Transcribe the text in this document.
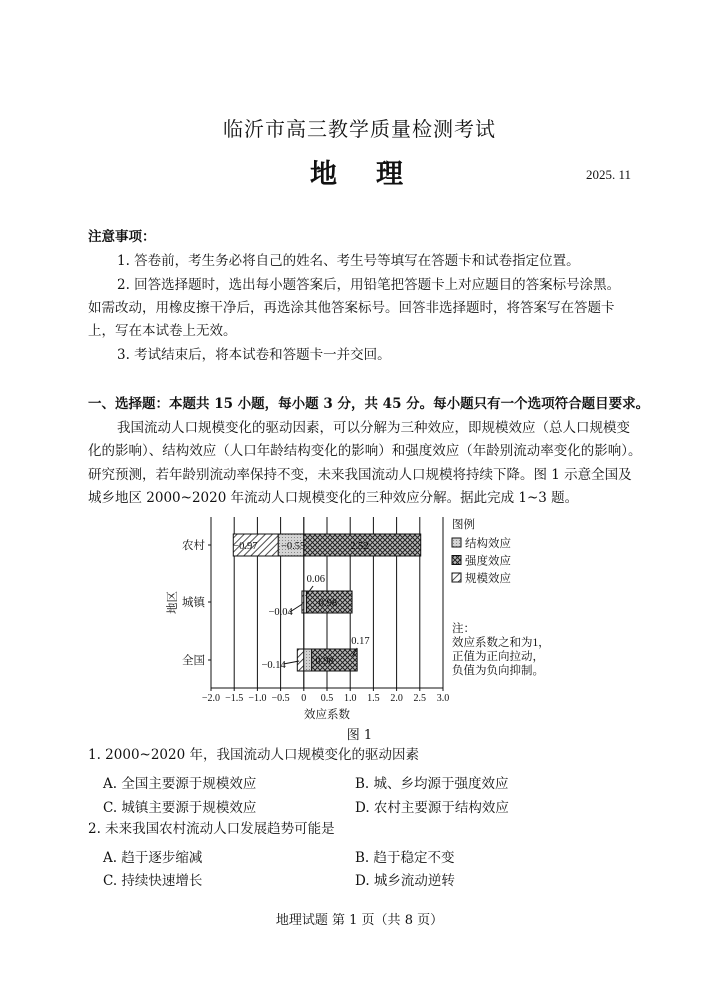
临沂市高三教学质量检测考试
地　理	2025. 11
注意事项：
1. 答卷前，考生务必将自己的姓名、考生号等填写在答题卡和试卷指定位置。
2. 回答选择题时，选出每小题答案后，用铅笔把答题卡上对应题目的答案标号涂黑。
如需改动，用橡皮擦干净后，再选涂其他答案标号。回答非选择题时，将答案写在答题卡
上，写在本试卷上无效。
3. 考试结束后，将本试卷和答题卡一并交回。
一、选择题：本题共 15 小题，每小题 3 分，共 45 分。每小题只有一个选项符合题目要求。
我国流动人口规模变化的驱动因素，可以分解为三种效应，即规模效应（总人口规模变
化的影响）、结构效应（人口年龄结构变化的影响）和强度效应（年龄别流动率变化的影响）。
研究预测，若年龄别流动率保持不变，未来我国流动人口规模将持续下降。图 1 示意全国及
城乡地区 2000~2020 年流动人口规模变化的三种效应分解。据此完成 1~3 题。
−2.0 −1.5 −1.0 −0.5 0 0.5 1.0 1.5 2.0 2.5 3.0
效应系数
地区
农村
城镇
全国
−0.97 −0.55	2.52
0.06
−0.04
0.98
0.17
−0.14	0.98
图例
结构效应
强度效应
规模效应
注：
效应系数之和为1，
正值为正向拉动，
负值为负向抑制。
图 1
1. 2000~2020 年，我国流动人口规模变化的驱动因素
A. 全国主要源于规模效应	B. 城、乡均源于强度效应
C. 城镇主要源于规模效应	D. 农村主要源于结构效应
2. 未来我国农村流动人口发展趋势可能是
A. 趋于逐步缩减	B. 趋于稳定不变
C. 持续快速增长	D. 城乡流动逆转
地理试题 第 1 页（共 8 页）
